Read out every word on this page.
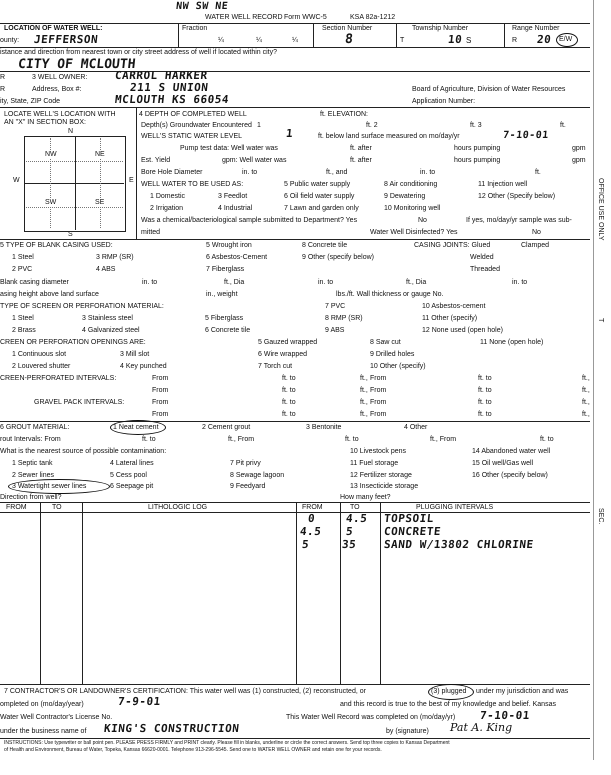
NW SW NE
WATER WELL RECORD Form WWC-5	KSA 82a-1212
Fraction
¼	¼	¼
Section Number
8
Township Number
T	10 S
Range Number
R 20 E/W
LOCATION OF WATER WELL:
ounty: JEFFERSON
istance and direction from nearest town or city street address of well if located within city?
CITY OF MCLOUTH
R	3 WELL OWNER: CARROL HARKER
R	Address, Box #:	211 S UNION
ity, State, ZIP Code	MCLOUTH KS 66054
Board of Agriculture, Division of Water Resources
Application Number:
LOCATE WELL'S LOCATION WITH
AN "X" IN SECTION BOX:
N
S
W	E
NW	NE
SW	SE
4 DEPTH OF COMPLETED WELL	ft. ELEVATION:
Depth(s) Groundwater Encountered 1	ft. 2	ft. 3	ft.
WELL'S STATIC WATER LEVEL	1	ft. below land surface measured on mo/day/yr	7-10-01
Pump test data: Well water was	ft. after	hours pumping	gpm
Est. Yield	gpm: Well water was	ft. after	hours pumping	gpm
Bore Hole Diameter	in. to	ft., and	in. to	ft.
WELL WATER TO BE USED AS:	5 Public water supply	8 Air conditioning	11 Injection well
1 Domestic	3 Feedlot	6 Oil field water supply	9 Dewatering	12 Other (Specify below)
2 Irrigation	4 Industrial	7 Lawn and garden only	10 Monitoring well
Was a chemical/bacteriological sample submitted to Department? Yes	No	If yes, mo/day/yr sample was sub-
mitted	Water Well Disinfected? Yes	No	OFFICE USE ONLY
T
SEC.
5 TYPE OF BLANK CASING USED:	5 Wrought iron	8 Concrete tile	CASING JOINTS: Glued	Clamped
1 Steel	3 RMP (SR)	6 Asbestos-Cement	9 Other (specify below)	Welded
2 PVC	4 ABS	7 Fiberglass	Threaded
Blank casing diameter	in. to	ft., Dia	in. to	ft., Dia	in. to
asing height above land surface	in., weight	lbs./ft. Wall thickness or gauge No.
TYPE OF SCREEN OR PERFORATION MATERIAL:	7 PVC	10 Asbestos-cement
1 Steel	3 Stainless steel	5 Fiberglass	8 RMP (SR)	11 Other (specify)
2 Brass	4 Galvanized steel	6 Concrete tile	9 ABS	12 None used (open hole)
CREEN OR PERFORATION OPENINGS ARE:	5 Gauzed wrapped	8 Saw cut	11 None (open hole)
1 Continuous slot	3 Mill slot	6 Wire wrapped	9 Drilled holes
2 Louvered shutter	4 Key punched	7 Torch cut	10 Other (specify)
CREEN-PERFORATED INTERVALS:	From	ft. to	ft., From	ft. to	ft.,
From	ft. to	ft., From	ft. to	ft.,
GRAVEL PACK INTERVALS:	From	ft. to	ft., From	ft. to	ft.,
From	ft. to	ft., From	ft. to	ft.,
6 GROUT MATERIAL:	1 Neat cement	2 Cement grout	3 Bentonite	4 Other
rout Intervals: From	ft. to	ft., From	ft. to	ft., From	ft. to
What is the nearest source of possible contamination:	10 Livestock pens	14 Abandoned water well
1 Septic tank	4 Lateral lines	7 Pit privy	11 Fuel storage	15 Oil well/Gas well
2 Sewer lines	5 Cess pool	8 Sewage lagoon	12 Fertilizer storage	16 Other (specify below)
3 Watertight sewer lines	6 Seepage pit	9 Feedyard	13 Insecticide storage
Direction from well?	How many feet?
FROM	TO	LITHOLOGIC LOG	FROM	TO	PLUGGING INTERVALS
0	4.5 TOPSOIL
4.5 5	CONCRETE
5	35 SAND W/13802 CHLORINE
7 CONTRACTOR'S OR LANDOWNER'S CERTIFICATION: This water well was (1) constructed, (2) reconstructed, or	(3) plugged under my jurisdiction and was
ompleted on (mo/day/year)	7-9-01	and this record is true to the best of my knowledge and belief. Kansas
Water Well Contractor's License No.	This Water Well Record was completed on (mo/day/yr) 7-10-01
under the business name of KING'S CONSTRUCTION	by (signature) Pat A. King
INSTRUCTIONS: Use typewriter or ball point pen. PLEASE PRESS FIRMLY and PRINT clearly. Please fill in blanks, underline or circle the correct answers. Send top three copies to Kansas Department
of Health and Environment, Bureau of Water, Topeka, Kansas 66620-0001. Telephone 913-296-5545. Send one to WATER WELL OWNER and retain one for your records.
